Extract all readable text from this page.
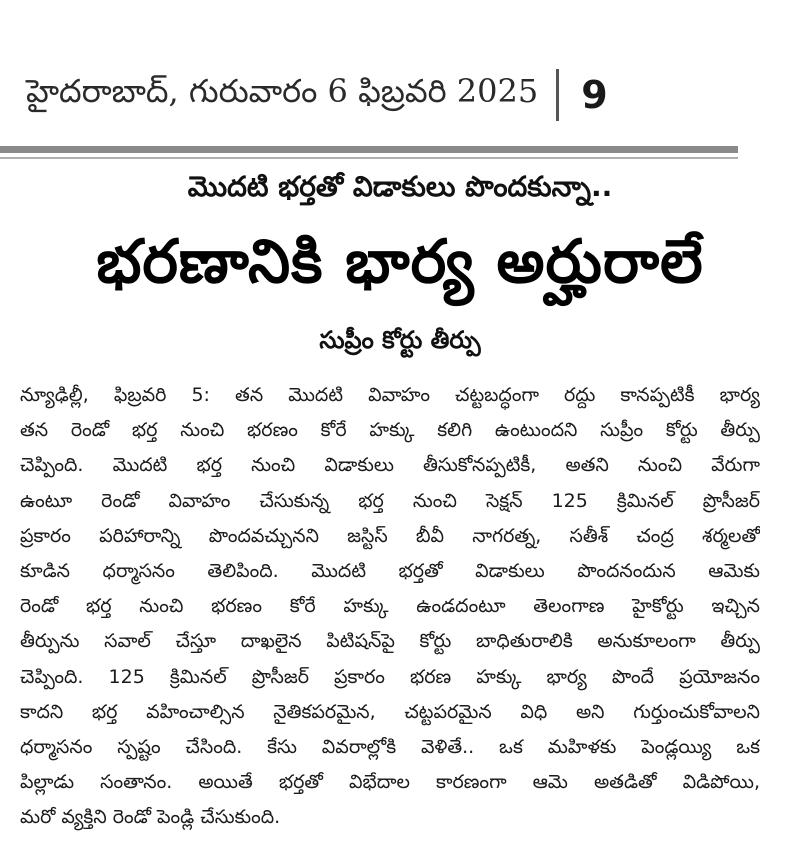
హైదరాబాద్, గురువారం 6 ఫిబ్రవరి 2025 9
మొదటి భర్తతో విడాకులు పొందకున్నా..
భరణానికి భార్య అర్హురాలే
సుప్రీం కోర్టు తీర్పు
న్యూఢిల్లీ, ఫిబ్రవరి 5: తన మొదటి వివాహం చట్టబద్ధంగా రద్దు కానప్పటికీ భార్య
తన రెండో భర్త నుంచి భరణం కోరే హక్కు కలిగి ఉంటుందని సుప్రీం కోర్టు తీర్పు
చెప్పింది. మొదటి భర్త నుంచి విడాకులు తీసుకోనప్పటికీ, అతని నుంచి వేరుగా
ఉంటూ రెండో వివాహం చేసుకున్న భర్త నుంచి సెక్షన్ 125 క్రిమినల్ ప్రొసీజర్
ప్రకారం పరిహారాన్ని పొందవచ్చునని జస్టిస్ బీవీ నాగరత్న, సతీశ్ చంద్ర శర్మలతో
కూడిన ధర్మాసనం తెలిపింది. మొదటి భర్తతో విడాకులు పొందనందున ఆమెకు
రెండో భర్త నుంచి భరణం కోరే హక్కు ఉండదంటూ తెలంగాణ హైకోర్టు ఇచ్చిన
తీర్పును సవాల్ చేస్తూ దాఖలైన పిటిషన్‌పై కోర్టు బాధితురాలికి అనుకూలంగా తీర్పు
చెప్పింది. 125 క్రిమినల్ ప్రొసీజర్ ప్రకారం భరణ హక్కు భార్య పొందే ప్రయోజనం
కాదని భర్త వహించాల్సిన నైతికపరమైన, చట్టపరమైన విధి అని గుర్తుంచుకోవాలని
ధర్మాసనం స్పష్టం చేసింది. కేసు వివరాల్లోకి వెళితే.. ఒక మహిళకు పెండ్లయ్యి ఒక
పిల్లాడు సంతానం. అయితే భర్తతో విభేదాల కారణంగా ఆమె అతడితో విడిపోయి,
మరో వ్యక్తిని రెండో పెండ్లి చేసుకుంది.
